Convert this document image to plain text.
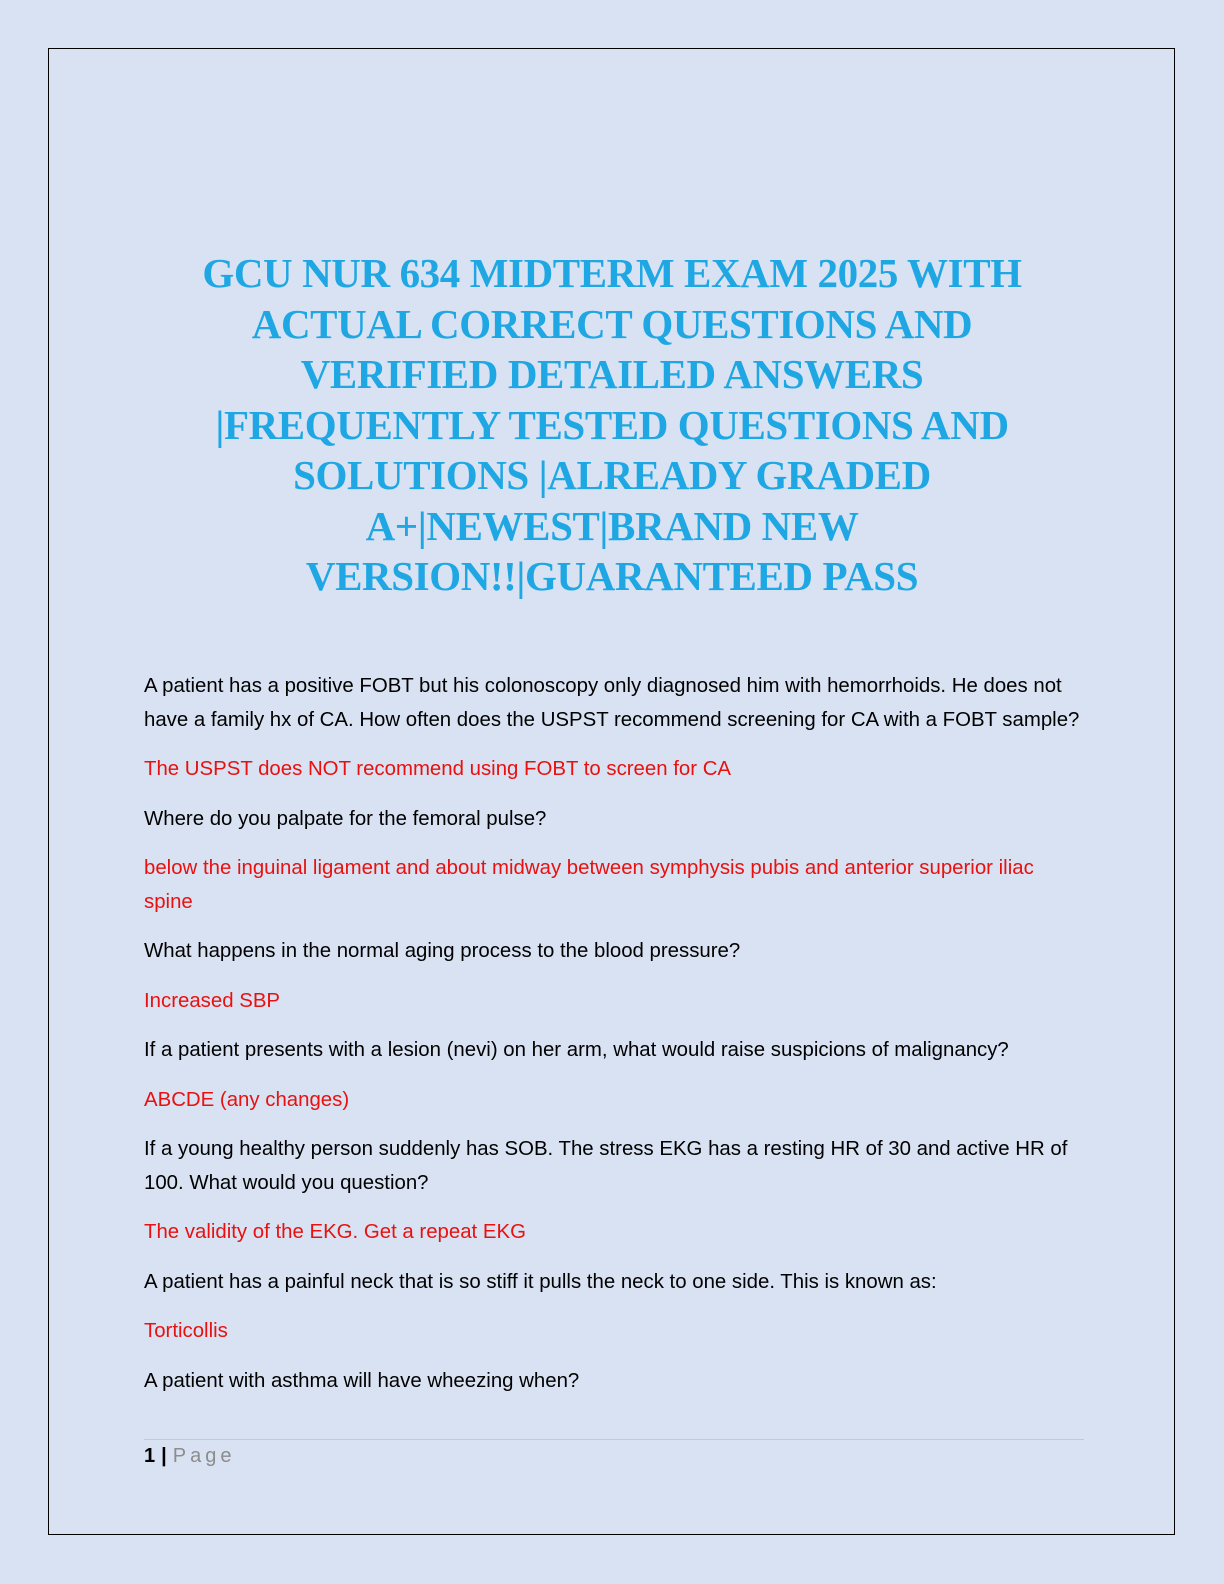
GCU NUR 634 MIDTERM EXAM 2025 WITH
ACTUAL CORRECT QUESTIONS AND
VERIFIED DETAILED ANSWERS
|FREQUENTLY TESTED QUESTIONS AND
SOLUTIONS |ALREADY GRADED
A+|NEWEST|BRAND NEW
VERSION!!|GUARANTEED PASS

A patient has a positive FOBT but his colonoscopy only diagnosed him with hemorrhoids. He does not have a family hx of CA. How often does the USPST recommend screening for CA with a FOBT sample?

The USPST does NOT recommend using FOBT to screen for CA

Where do you palpate for the femoral pulse?

below the inguinal ligament and about midway between symphysis pubis and anterior superior iliac spine

What happens in the normal aging process to the blood pressure?

Increased SBP

If a patient presents with a lesion (nevi) on her arm, what would raise suspicions of malignancy?

ABCDE (any changes)

If a young healthy person suddenly has SOB. The stress EKG has a resting HR of 30 and active HR of 100. What would you question?

The validity of the EKG. Get a repeat EKG

A patient has a painful neck that is so stiff it pulls the neck to one side. This is known as:

Torticollis

A patient with asthma will have wheezing when?

1 | Page
